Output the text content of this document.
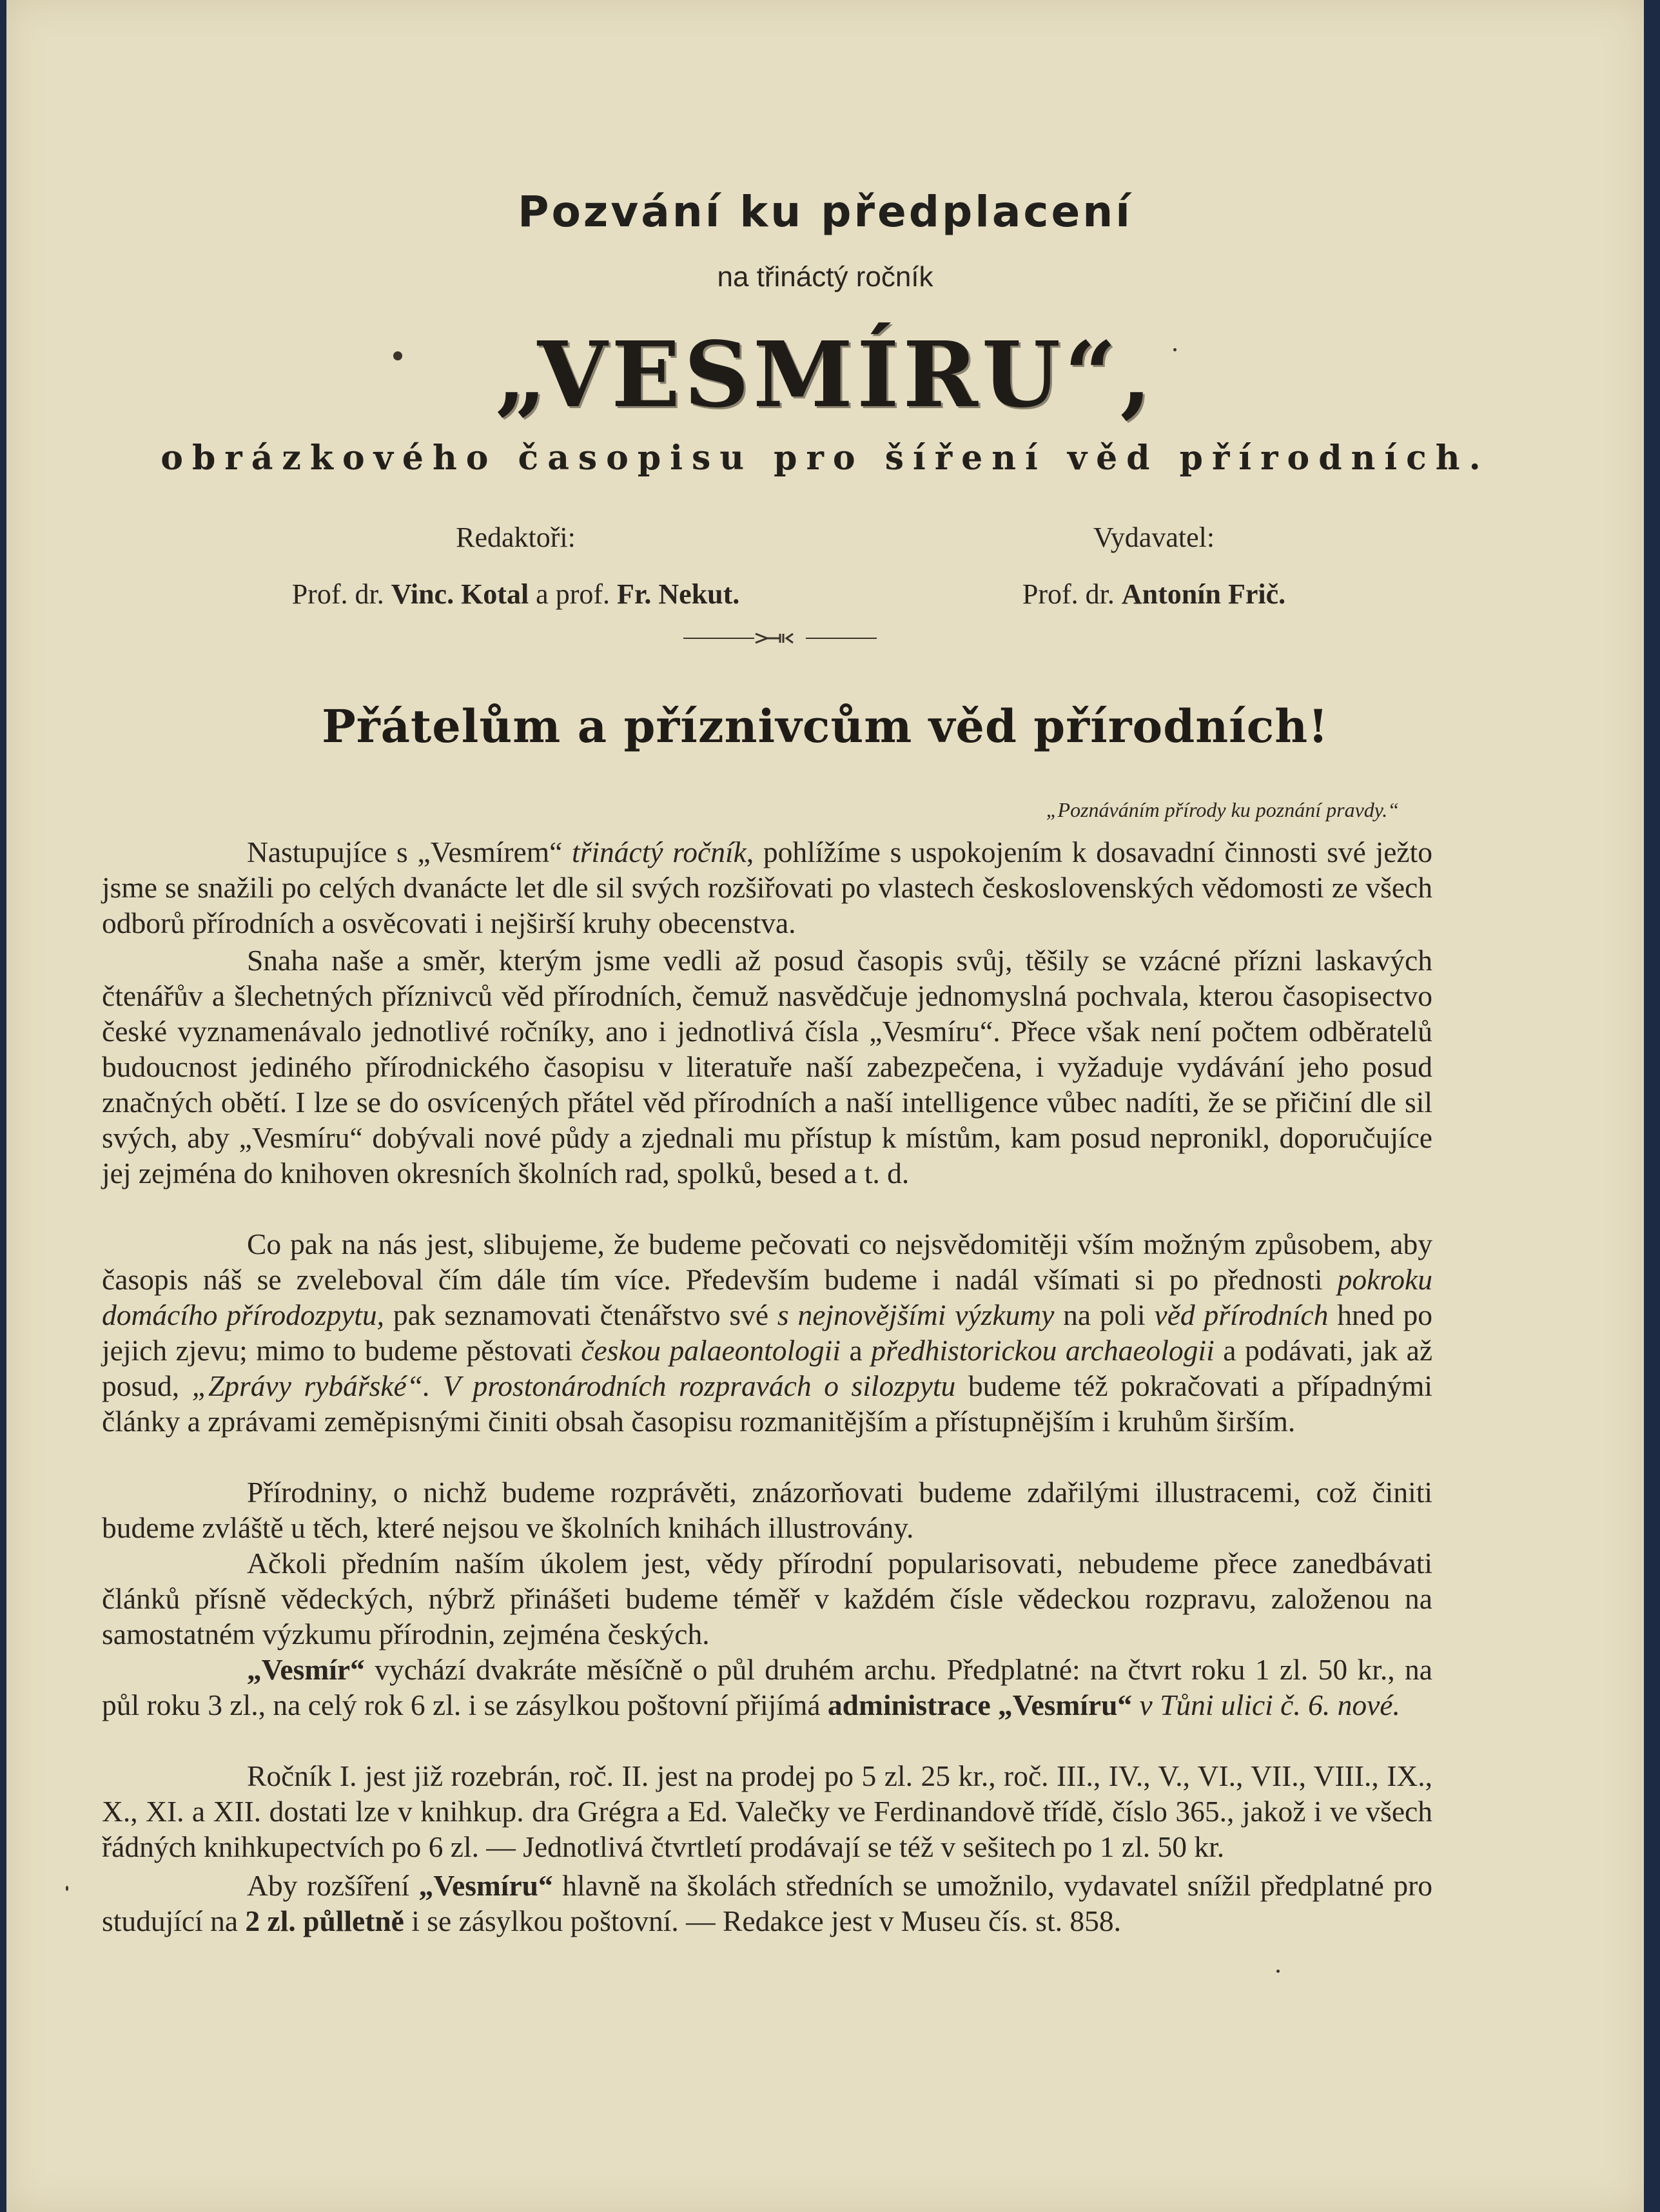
Pozvání ku předplacení
na třináctý ročník
„VESMÍRU“,
obrázkového časopisu pro šíření věd přírodních.
Redaktoři:
Prof. dr. Vinc. Kotal a prof. Fr. Nekut.
Vydavatel:
Prof. dr. Antonín Frič.
Přátelům a příznivcům věd přírodních!
„Poznáváním přírody ku poznání pravdy.“
Nastupujíce s „Vesmírem“ třináctý ročník, pohlížíme s uspokojením k dosavadní činnosti své ježto jsme se snažili po celých dvanácte let dle sil svých rozšiřovati po vlastech československých vědomosti ze všech odborů přírodních a osvěcovati i nejširší kruhy obecenstva.
Snaha naše a směr, kterým jsme vedli až posud časopis svůj, těšily se vzácné přízni laskavých čtenářův a šlechetných příznivců věd přírodních, čemuž nasvědčuje jednomyslná pochvala, kterou časopisectvo české vyznamenávalo jednotlivé ročníky, ano i jednotlivá čísla „Vesmíru“. Přece však není počtem odběratelů budoucnost jediného přírodnického časopisu v literatuře naší zabezpečena, i vyžaduje vydávání jeho posud značných obětí. I lze se do osvícených přátel věd přírodních a naší intelligence vůbec nadíti, že se přičiní dle sil svých, aby „Vesmíru“ dobývali nové půdy a zjednali mu přístup k místům, kam posud nepronikl, doporučujíce jej zejména do knihoven okresních školních rad, spolků, besed a t. d.
Co pak na nás jest, slibujeme, že budeme pečovati co nejsvědomitěji vším možným způsobem, aby časopis náš se zveleboval čím dále tím více. Především budeme i nadál všímati si po přednosti pokroku domácího přírodozpytu, pak seznamovati čtenářstvo své s nejnovějšími výzkumy na poli věd přírodních hned po jejich zjevu; mimo to budeme pěstovati českou palaeontologii a předhistorickou archaeologii a podávati, jak až posud, „Zprávy rybářské“. V prostonárodních rozpravách o silozpytu budeme též pokračovati a případnými články a zprávami zeměpisnými činiti obsah časopisu rozmanitějším a přístupnějším i kruhům širším.
Přírodniny, o nichž budeme rozprávěti, znázorňovati budeme zdařilými illustracemi, což činiti budeme zvláště u těch, které nejsou ve školních knihách illustrovány.
Ačkoli předním naším úkolem jest, vědy přírodní popularisovati, nebudeme přece zanedbávati článků přísně vědeckých, nýbrž přinášeti budeme téměř v každém čísle vědeckou rozpravu, založenou na samostatném výzkumu přírodnin, zejména českých.
„Vesmír“ vychází dvakráte měsíčně o půl druhém archu. Předplatné: na čtvrt roku 1 zl. 50 kr., na půl roku 3 zl., na celý rok 6 zl. i se zásylkou poštovní přijímá administrace „Vesmíru“ v Tůni ulici č. 6. nové.
Ročník I. jest již rozebrán, roč. II. jest na prodej po 5 zl. 25 kr., roč. III., IV., V., VI., VII., VIII., IX., X., XI. a XII. dostati lze v knihkup. dra Grégra a Ed. Valečky ve Ferdinandově třídě, číslo 365., jakož i ve všech řádných knihkupectvích po 6 zl. — Jednotlivá čtvrtletí prodávají se též v sešitech po 1 zl. 50 kr.
Aby rozšíření „Vesmíru“ hlavně na školách středních se umožnilo, vydavatel snížil předplatné pro studující na 2 zl. půlletně i se zásylkou poštovní. — Redakce jest v Museu čís. st. 858.
